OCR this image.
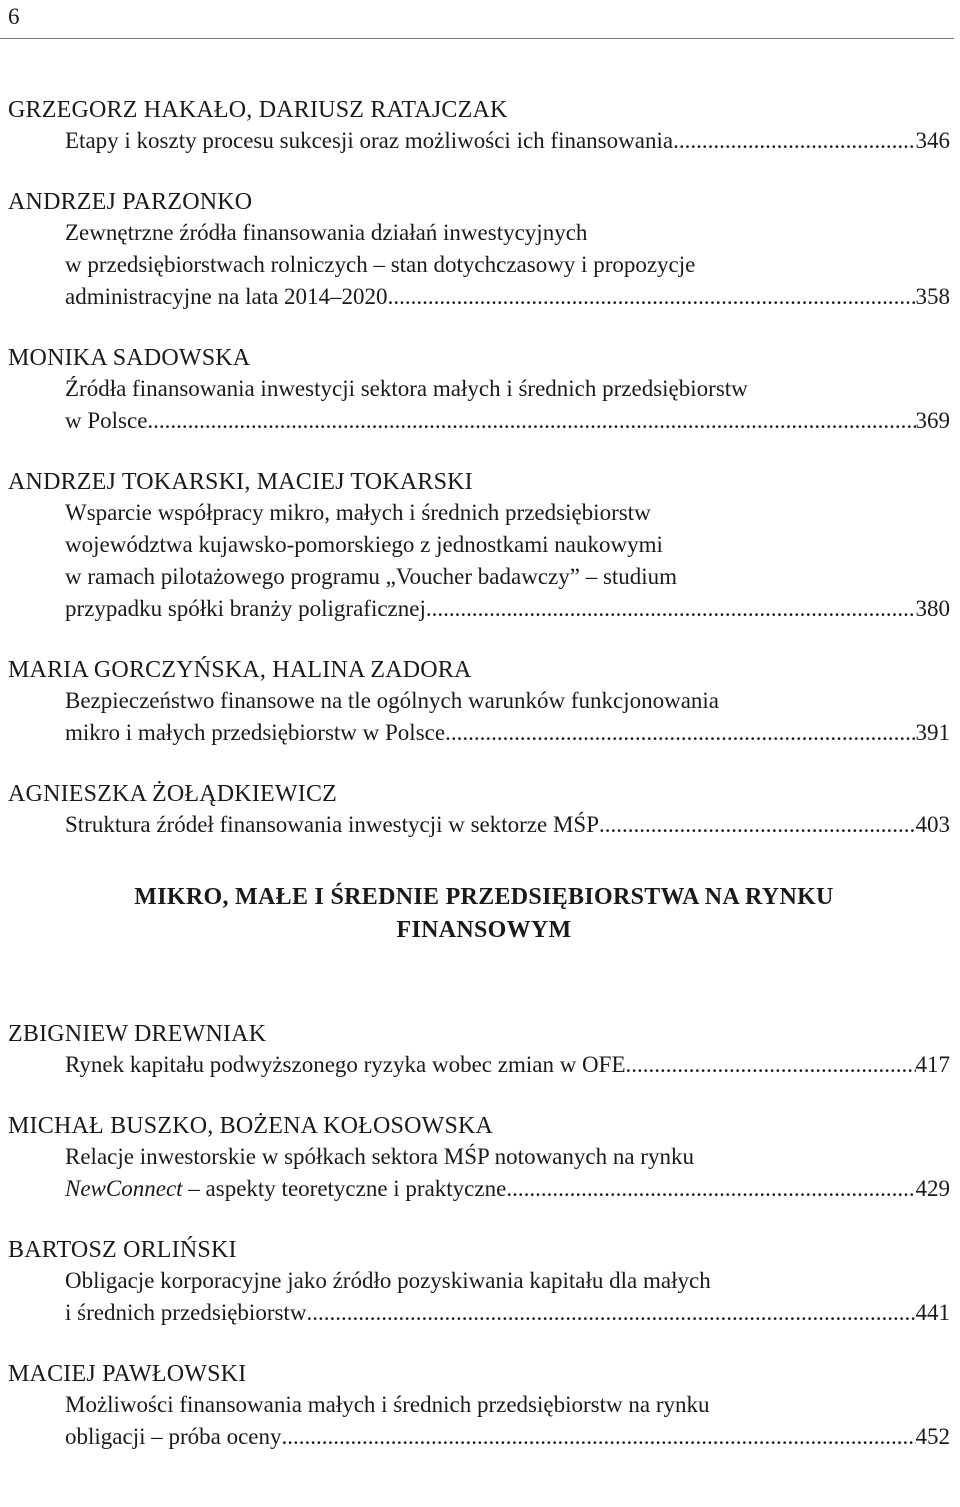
6
GRZEGORZ HAKAŁO, DARIUSZ RATAJCZAK
Etapy i koszty procesu sukcesji oraz możliwości ich finansowania .....	346
ANDRZEJ PARZONKO
Zewnętrzne źródła finansowania działań inwestycyjnych
w przedsiębiorstwach rolniczych – stan dotychczasowy i propozycje
administracyjne na lata 2014–2020 .....	358
MONIKA SADOWSKA
Źródła finansowania inwestycji sektora małych i średnich przedsiębiorstw
w Polsce .....	369
ANDRZEJ TOKARSKI, MACIEJ TOKARSKI
Wsparcie współpracy mikro, małych i średnich przedsiębiorstw
województwa kujawsko-pomorskiego z jednostkami naukowymi
w ramach pilotażowego programu „Voucher badawczy” – studium
przypadku spółki branży poligraficznej .....	380
MARIA GORCZYŃSKA, HALINA ZADORA
Bezpieczeństwo finansowe na tle ogólnych warunków funkcjonowania
mikro i małych przedsiębiorstw w Polsce .....	391
AGNIESZKA ŻOŁĄDKIEWICZ
Struktura źródeł finansowania inwestycji w sektorze MŚP .....	403
MIKRO, MAŁE I ŚREDNIE PRZEDSIĘBIORSTWA NA RYNKU
FINANSOWYM
ZBIGNIEW DREWNIAK
Rynek kapitału podwyższonego ryzyka wobec zmian w OFE .....	417
MICHAŁ BUSZKO, BOŻENA KOŁOSOWSKA
Relacje inwestorskie w spółkach sektora MŚP notowanych na rynku
NewConnect – aspekty teoretyczne i praktyczne .....	429
BARTOSZ ORLIŃSKI
Obligacje korporacyjne jako źródło pozyskiwania kapitału dla małych
i średnich przedsiębiorstw .....	441
MACIEJ PAWŁOWSKI
Możliwości finansowania małych i średnich przedsiębiorstw na rynku
obligacji – próba oceny .....	452
